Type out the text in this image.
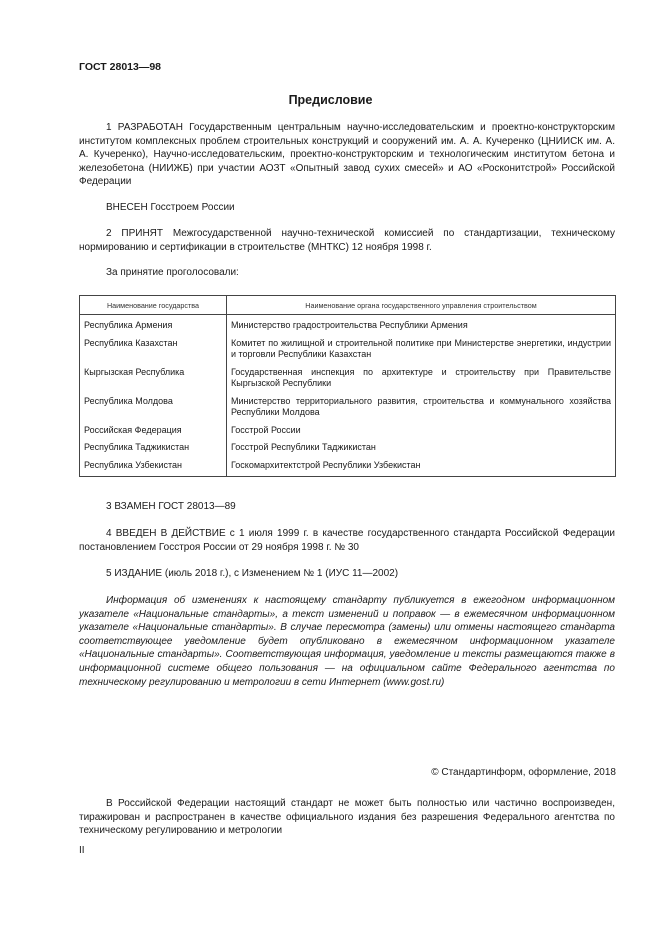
ГОСТ 28013—98
Предисловие

1 РАЗРАБОТАН Государственным центральным научно-исследовательским и проектно-конструкторским институтом комплексных проблем строительных конструкций и сооружений им. А. А. Кучеренко (ЦНИИСК им. А. А. Кучеренко), Научно-исследовательским, проектно-конструкторским и технологическим институтом бетона и железобетона (НИИЖБ) при участии АОЗТ «Опытный завод сухих смесей» и АО «Росконитстрой» Российской Федерации

ВНЕСЕН Госстроем России

2 ПРИНЯТ Межгосударственной научно-технической комиссией по стандартизации, техническому нормированию и сертификации в строительстве (МНТКС) 12 ноября 1998 г.

За принятие проголосовали:
Наименование государства	Наименование органа государственного управления строительством
Республика Армения	Министерство градостроительства Республики Армения
Республика Казахстан	Комитет по жилищной и строительной политике при Министерстве энергетики, индустрии и торговли Республики Казахстан
Кыргызская Республика	Государственная инспекция по архитектуре и строительству при Правительстве Кыргызской Республики
Республика Молдова	Министерство территориального развития, строительства и коммунального хозяйства Республики Молдова
Российская Федерация	Госстрой России
Республика Таджикистан	Госстрой Республики Таджикистан
Республика Узбекистан	Госкомархитектстрой Республики Узбекистан
3 ВЗАМЕН ГОСТ 28013—89

4 ВВЕДЕН В ДЕЙСТВИЕ с 1 июля 1999 г. в качестве государственного стандарта Российской Федерации постановлением Госстроя России от 29 ноября 1998 г. № 30

5 ИЗДАНИЕ (июль 2018 г.), с Изменением № 1 (ИУС 11—2002)

Информация об изменениях к настоящему стандарту публикуется в ежегодном информационном указателе «Национальные стандарты», а текст изменений и поправок — в ежемесячном информационном указателе «Национальные стандарты». В случае пересмотра (замены) или отмены настоящего стандарта соответствующее уведомление будет опубликовано в ежемесячном информационном указателе «Национальные стандарты». Соответствующая информация, уведомление и тексты размещаются также в информационной системе общего пользования — на официальном сайте Федерального агентства по техническому регулированию и метрологии в сети Интернет (www.gost.ru)

© Стандартинформ, оформление, 2018

В Российской Федерации настоящий стандарт не может быть полностью или частично воспроизведен, тиражирован и распространен в качестве официального издания без разрешения Федерального агентства по техническому регулированию и метрологии

II
